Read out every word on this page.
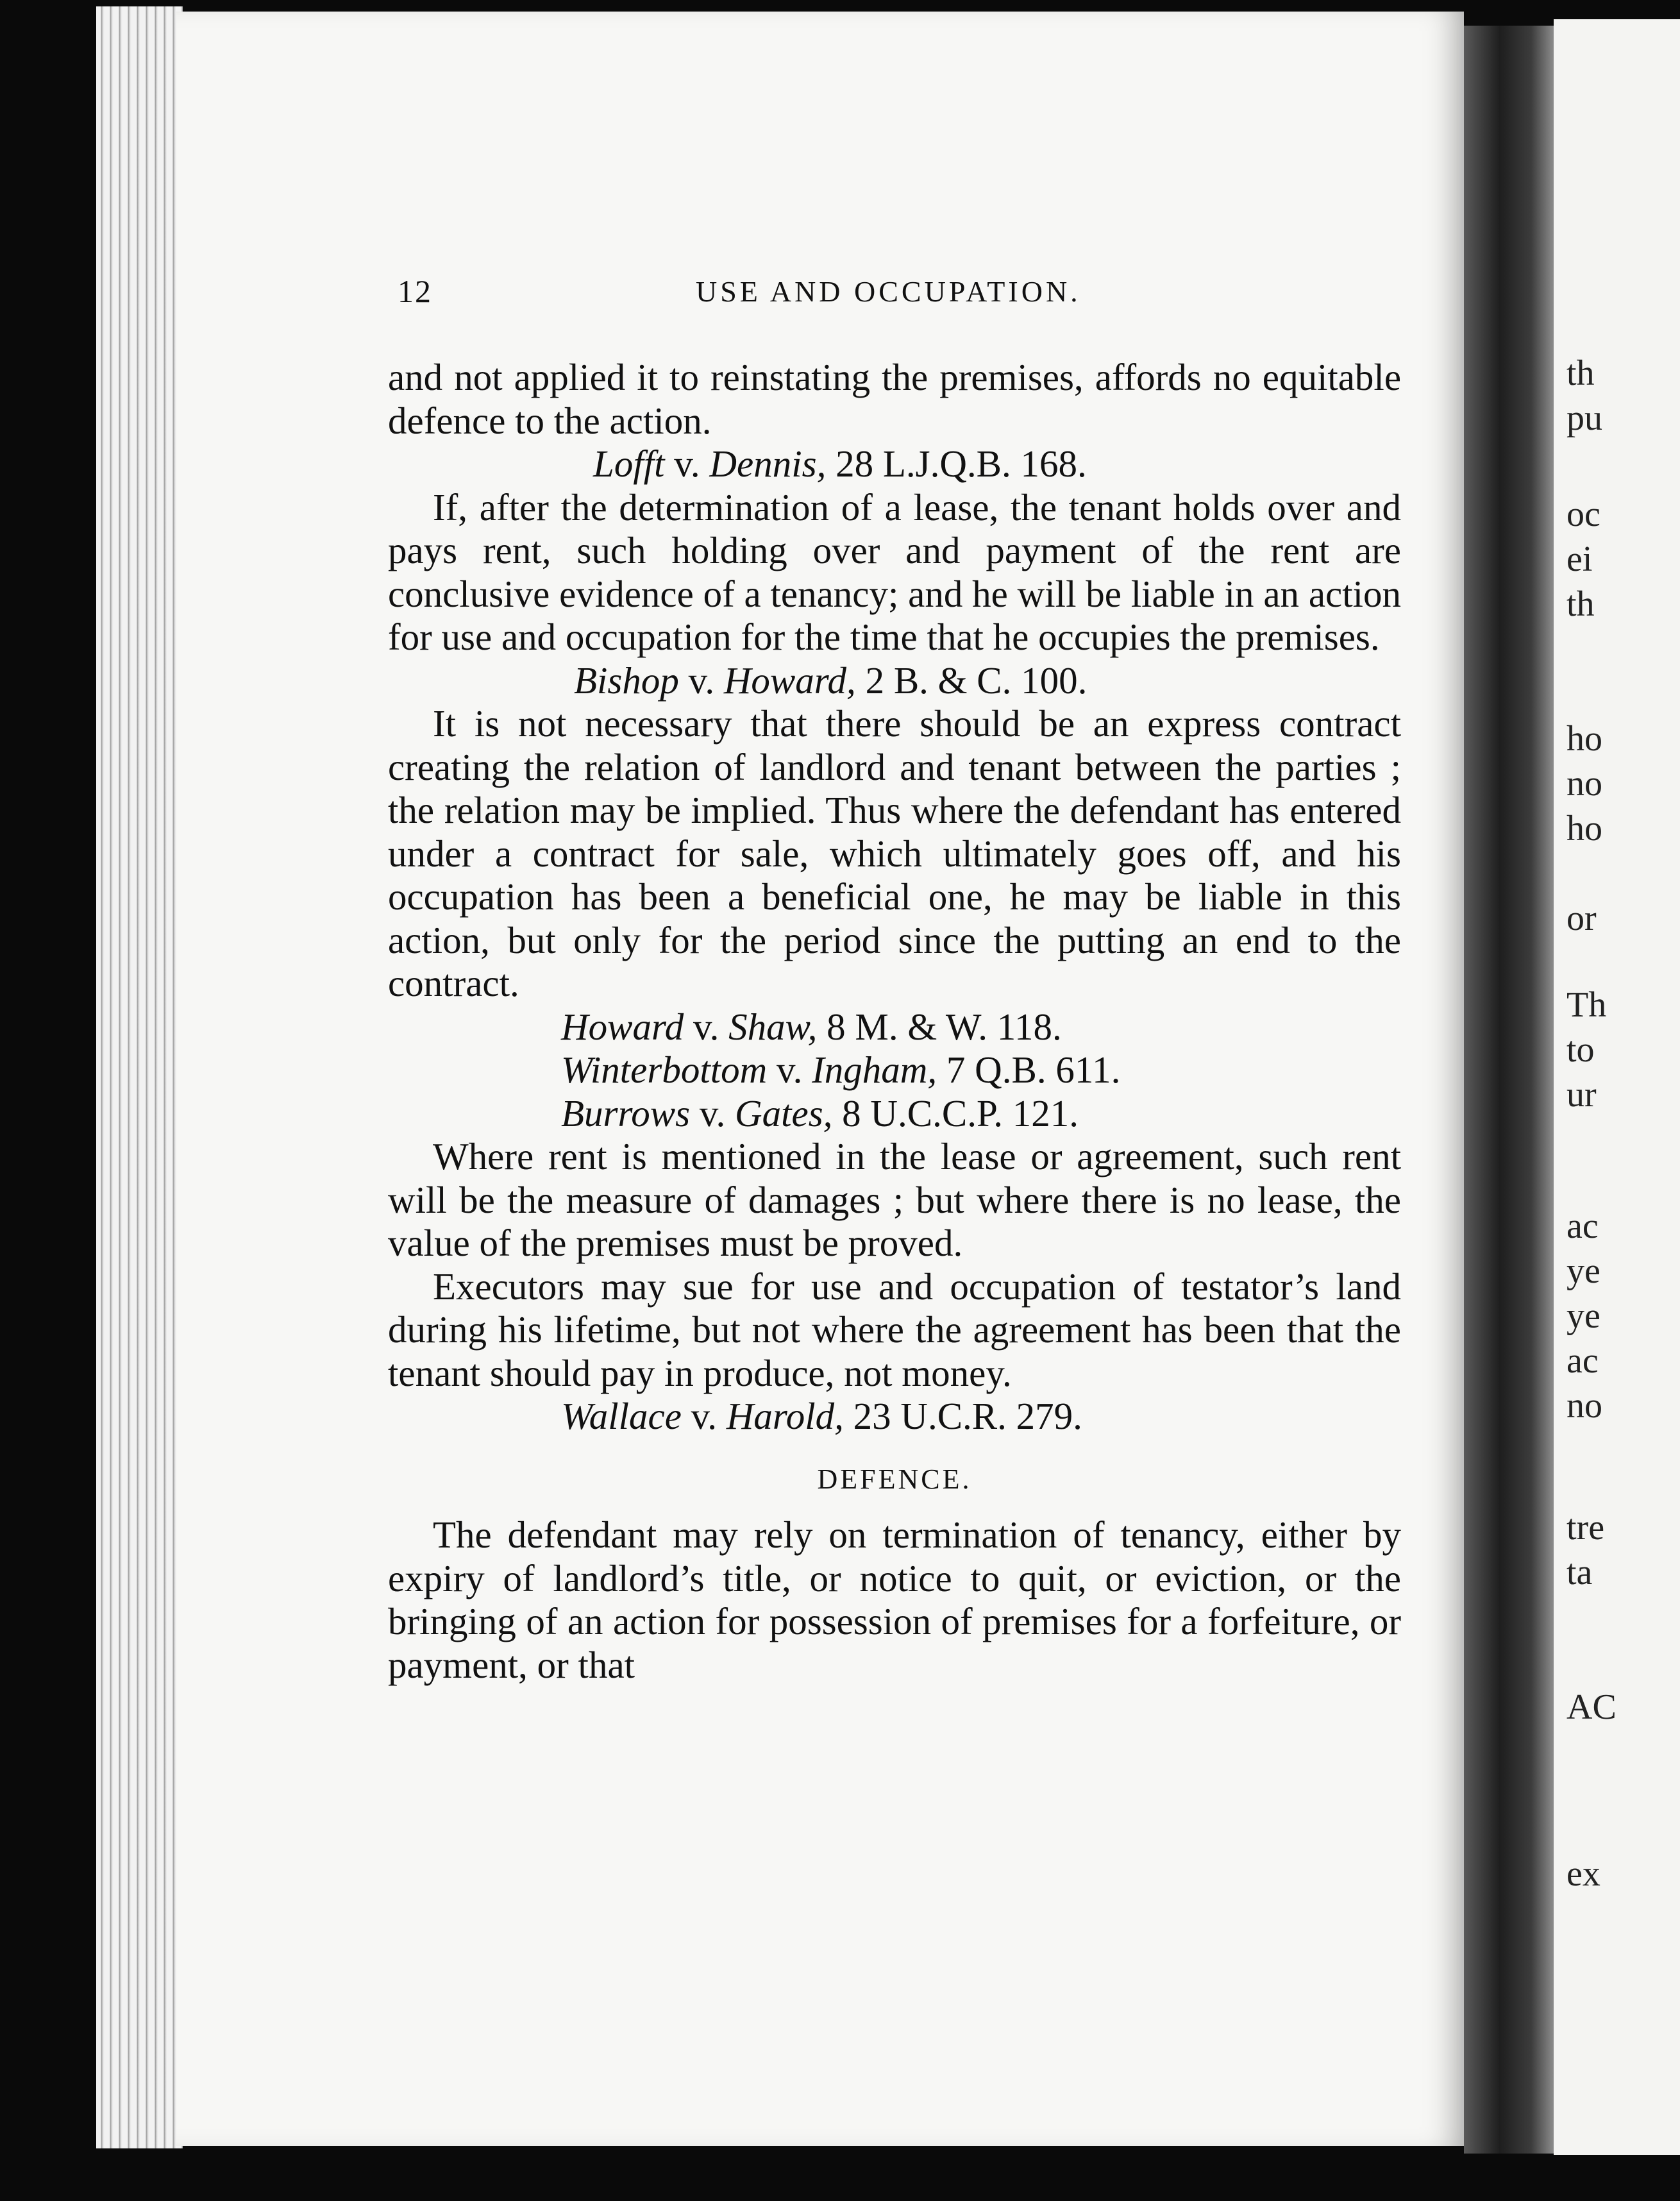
th
pu
oc
ei
th
ho
no
ho
or
Th
to
ur
ac
ye
ye
ac
no
tre
ta
AC
ex
12	USE AND OCCUPATION.

and not applied it to reinstating the premises, affords no equitable defence to the action.

Lofft v. Dennis, 28 L.J.Q.B. 168.

If, after the determination of a lease, the tenant holds over and pays rent, such holding over and payment of the rent are conclusive evidence of a tenancy; and he will be liable in an action for use and occupation for the time that he occupies the premises.

Bishop v. Howard, 2 B. & C. 100.

It is not necessary that there should be an express contract creating the relation of landlord and tenant between the parties ; the relation may be implied. Thus where the defendant has entered under a contract for sale, which ultimately goes off, and his occupation has been a beneficial one, he may be liable in this action, but only for the period since the putting an end to the contract.

Howard v. Shaw, 8 M. & W. 118.
Winterbottom v. Ingham, 7 Q.B. 611.
Burrows v. Gates, 8 U.C.C.P. 121.

Where rent is mentioned in the lease or agreement, such rent will be the measure of damages ; but where there is no lease, the value of the premises must be proved.

Executors may sue for use and occupation of testator’s land during his lifetime, but not where the agreement has been that the tenant should pay in produce, not money.

Wallace v. Harold, 23 U.C.R. 279.
DEFENCE.

The defendant may rely on termination of tenancy, either by expiry of landlord’s title, or notice to quit, or eviction, or the bringing of an action for possession of premises for a forfeiture, or payment, or that
